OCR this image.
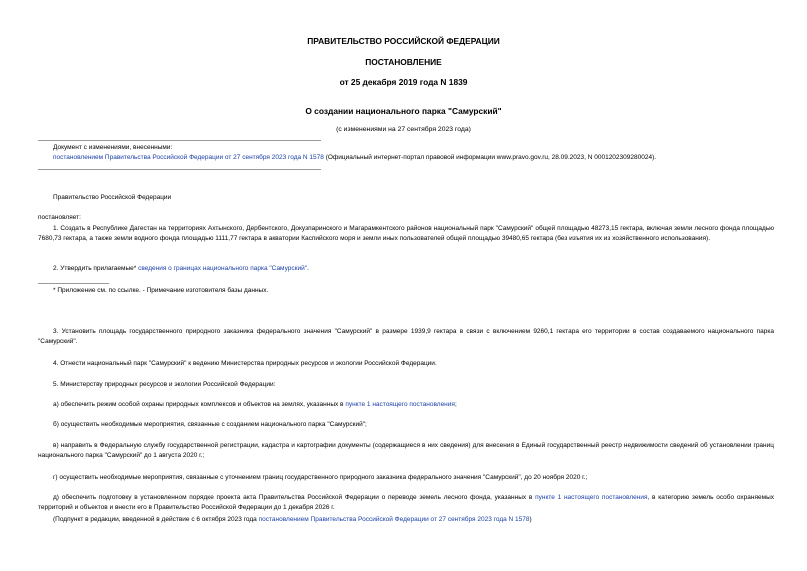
ПРАВИТЕЛЬСТВО РОССИЙСКОЙ ФЕДЕРАЦИИ
ПОСТАНОВЛЕНИЕ
от 25 декабря 2019 года N 1839
О создании национального парка "Самурский"
(с изменениями на 27 сентября 2023 года)
Документ с изменениями, внесенными:
постановлением Правительства Российской Федерации от 27 сентября 2023 года N 1578 (Официальный интернет-портал правовой информации www.pravo.gov.ru, 28.09.2023, N 0001202309280024).
Правительство Российской Федерации
постановляет:
1. Создать в Республике Дагестан на территориях Ахтынского, Дербентского, Докузпаринского и Магарамкентского районов национальный парк "Самурский" общей площадью 48273,15 гектара, включая земли лесного фонда площадью 7680,73 гектара, а также земли водного фонда площадью 1111,77 гектара в акватории Каспийского моря и земли иных пользователей общей площадью 39480,65 гектара (без изъятия их из хозяйственного использования).
2. Утвердить прилагаемые* сведения о границах национального парка "Самурский".
* Приложение см. по ссылке. - Примечание изготовителя базы данных.
3. Установить площадь государственного природного заказника федерального значения "Самурский" в размере 1939,9 гектара в связи с включением 9260,1 гектара его территории в состав создаваемого национального парка "Самурский".
4. Отнести национальный парк "Самурский" к ведению Министерства природных ресурсов и экологии Российской Федерации.
5. Министерству природных ресурсов и экологии Российской Федерации:
а) обеспечить режим особой охраны природных комплексов и объектов на землях, указанных в пункте 1 настоящего постановления;
б) осуществить необходимые мероприятия, связанные с созданием национального парка "Самурский";
в) направить в Федеральную службу государственной регистрации, кадастра и картографии документы (содержащиеся в них сведения) для внесения в Единый государственный реестр недвижимости сведений об установлении границ национального парка "Самурский" до 1 августа 2020 г.;
г) осуществить необходимые мероприятия, связанные с уточнением границ государственного природного заказника федерального значения "Самурский", до 20 ноября 2020 г.;
д) обеспечить подготовку в установленном порядке проекта акта Правительства Российской Федерации о переводе земель лесного фонда, указанных в пункте 1 настоящего постановления, в категорию земель особо охраняемых территорий и объектов и внести его в Правительство Российской Федерации до 1 декабря 2026 г.
(Подпункт в редакции, введенной в действие с 6 октября 2023 года постановлением Правительства Российской Федерации от 27 сентября 2023 года N 1578)
